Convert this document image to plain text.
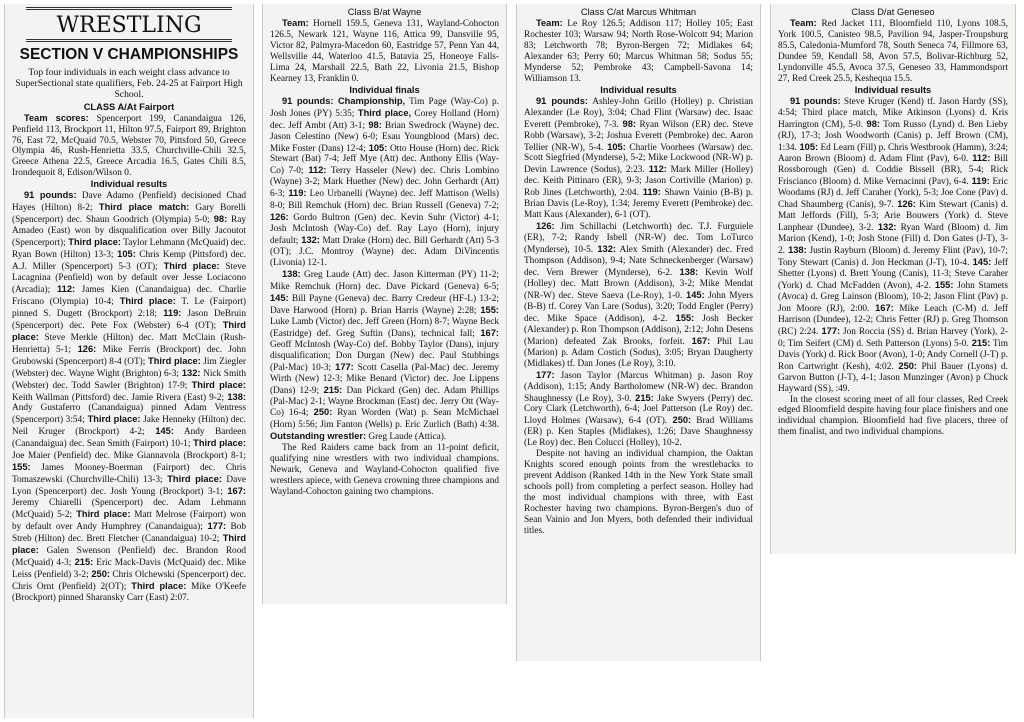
WRESTLING
SECTION V CHAMPIONSHIPS

Top four individuals in each weight class advance to SuperSectional state qualifiers, Feb. 24-25 at Fairport High School.

CLASS A/At Fairport

Team scores: Spencerport 199, Canandaigua 126, Penfield 113, Brockport 11, Hilton 97.5, Fairport 89, Brighton 76, East 72, McQuaid 70.5, Webster 70, Pittsford 50, Greece Olympia 46, Rush-Henrietta 33.5, Churchville-Chili 32.5, Greece Athena 22.5, Greece Arcadia 16.5, Gates Chili 8.5, Irondequoit 8, Edison/Wilson 0.

Individual results

91 pounds: Dave Adamo (Penfield) decisioned Chad Hayes (Hilton) 8-2; Third place match: Gary Borelli (Spencerport) dec. Shaun Goodrich (Olympia) 5-0; 98: Ray Amadeo (East) won by disqualification over Billy Jacoutot (Spencerport); Third place: Taylor Lehmann (McQuaid) dec. Ryan Bown (Hilton) 13-3; 105: Chris Kemp (Pittsford) dec. A.J. Miller (Spencerport) 5-3 (OT); Third place: Steve Lacagnina (Penfield) won by default over Jesse Lociacono (Arcadia); 112: James Kien (Canandaigua) dec. Charlie Friscano (Olympia) 10-4; Third place: T. Le (Fairport) pinned S. Dugett (Brockport) 2:18; 119: Jason DeBruin (Spencerport) dec. Pete Fox (Webster) 6-4 (OT); Third place: Steve Merkle (Hilton) dec. Matt McClain (Rush-Henrietta) 5-1; 126: Mike Ferris (Brockport) dec. John Grubowski (Spencerport) 8-4 (OT); Third place: Jim Ziegler (Webster) dec. Wayne Wight (Brighton) 6-3; 132: Nick Smith (Webster) dec. Todd Sawler (Brighton) 17-9; Third place: Keith Wallman (Pittsford) dec. Jamie Rivera (East) 9-2; 138: Andy Gustaferro (Canandaigua) pinned Adam Ventress (Spencerport) 3:54; Third place: Jake Henneky (Hilton) dec. Neil Kruger (Brockport) 4-2; 145: Andy Bardeen (Canandaigua) dec. Sean Smith (Fairport) 10-1; Third place: Joe Maier (Penfield) dec. Mike Giannavola (Brockport) 8-1; 155: James Mooney-Boerman (Fairport) dec. Chris Tomaszewski (Churchville-Chili) 13-3; Third place: Dave Lyon (Spencerport) dec. Josh Young (Brockport) 3-1; 167: Jeremy Chiarelli (Spencerport) dec. Adam Lehmann (McQuaid) 5-2; Third place: Matt Melrose (Fairport) won by default over Andy Humphrey (Canandaigua); 177: Bob Streb (Hilton) dec. Brett Fletcher (Canandaigua) 10-2; Third place: Galen Swenson (Penfield) dec. Brandon Rood (McQuaid) 4-3; 215: Eric Mack-Davis (McQuaid) dec. Mike Leiss (Penfield) 3-2; 250: Chris Olchewski (Spencerport) dec. Chris Ornt (Penfield) 2(OT); Third place: Mike O'Keefe (Brockport) pinned Sharansky Carr (East) 2:07.

Class B/at Wayne

Team: Hornell 159.5, Geneva 131, Wayland-Cohocton 126.5, Newark 121, Wayne 116, Attica 99, Dansville 95, Victor 82, Palmyra-Macedon 60, Eastridge 57, Penn Yan 44, Wellsville 44, Waterloo 41.5, Batavia 25, Honeoye Falls-Lima 24, Marshall 22.5, Bath 22, Livonia 21.5, Bishop Kearney 13, Franklin 0.

Individual finals

91 pounds: Championship, Tim Page (Way-Co) p. Josh Jones (PY) 5:35; Third place, Corey Holland (Horn) dec. Jeff Ambt (Att) 3-1; 98: Brian Swedrock (Wayne) dec. Jason Celestino (New) 6-0; Esau Youngblood (Mars) dec. Mike Foster (Dans) 12-4; 105: Otto House (Horn) dec. Rick Stewart (Bat) 7-4; Jeff Mye (Att) dec. Anthony Ellis (Way-Co) 7-0; 112: Terry Hasseler (New) dec. Chris Lombino (Wayne) 3-2; Mark Huether (New) dec. John Gerhardt (Att) 6-3; 119: Leo Urbanelli (Wayne) dec. Jeff Mattison (Wells) 8-0; Bill Remchuk (Horn) dec. Brian Russell (Geneva) 7-2; 126: Gordo Bultron (Gen) dec. Kevin Suhr (Victor) 4-1; Josh McIntosh (Way-Co) def. Ray Layo (Horn), injury default; 132: Matt Drake (Horn) dec. Bill Gerhardt (Att) 5-3 (OT); J.C. Montroy (Wayne) dec. Adam DiVincentis (Livonia) 12-1.

138: Greg Laude (Att) dec. Jason Kitterman (PY) 11-2; Mike Remchuk (Horn) dec. Dave Pickard (Geneva) 6-5; 145: Bill Payne (Geneva) dec. Barry Credeur (HF-L) 13-2; Dave Harwood (Horn) p. Brian Harris (Wayne) 2:28; 155: Luke Lamb (Victor) dec. Jeff Green (Horn) 8-7; Wayne Beck (Eastridge) def. Greg Suftin (Dans), technical fall; 167: Geoff McIntosh (Way-Co) def. Bobby Taylor (Dans), injury disqualification; Don Durgan (New) dec. Paul Stubbings (Pal-Mac) 10-3; 177: Scott Casella (Pal-Mac) dec. Jeremy Wirth (New) 12-3; Mike Benard (Victor) dec. Joe Lippens (Dans) 12-9; 215: Dan Pickard (Gen) dec. Adam Phillips (Pal-Mac) 2-1; Wayne Brockman (East) dec. Jerry Ott (Way-Co) 16-4; 250: Ryan Worden (Wat) p. Sean McMichael (Horn) 5:56; Jim Fanton (Wells) p. Eric Zurlich (Bath) 4:38. Outstanding wrestler: Greg Laude (Attica).

The Red Raiders came back from an 11-point deficit, qualifying nine wrestlers with two individual champions. Newark, Geneva and Wayland-Cohocton qualified five wrestlers apiece, with Geneva crowning three champions and Wayland-Cohocton gaining two champions.

Class C/at Marcus Whitman

Team: Le Roy 126.5; Addison 117; Holley 105; East Rochester 103; Warsaw 94; North Rose-Wolcott 94; Marion 83; Letchworth 78; Byron-Bergen 72; Midlakes 64; Alexander 63; Perry 60; Marcus Whitman 58; Sodus 55; Mynderse 52; Pembroke 43; Campbell-Savona 14; Williamson 13.

Individual results

91 pounds: Ashley-John Grillo (Holley) p. Christian Alexander (Le Roy), 3:04; Chad Flint (Warsaw) dec. Isaac Everett (Pembroke), 7-3. 98: Ryan Wilson (ER) dec. Steve Robb (Warsaw), 3-2; Joshua Everett (Pembroke) dec. Aaron Tellier (NR-W), 5-4. 105: Charlie Voorhees (Warsaw) dec. Scott Siegfried (Mynderse), 5-2; Mike Lockwood (NR-W) p. Devin Lawrence (Sodus), 2:23. 112: Mark Miller (Holley) dec. Keith Pittinaro (ER), 9-3; Jason Cortiville (Marion) p. Rob Jines (Letchworth), 2:04. 119: Shawn Vainio (B-B) p. Brian Davis (Le-Roy), 1:34; Jeremy Everett (Pembroke) dec. Matt Kaus (Alexander), 6-1 (OT).

126: Jim Schillachi (Letchworth) dec. T.J. Furguiele (ER), 7-2; Randy Isbell (NR-W) dec. Tom LoTurco (Mynderse), 10-5. 132: Alex Smith (Alexander) dec. Fred Thompson (Addison), 9-4; Nate Schneckenberger (Warsaw) dec. Vern Brewer (Mynderse), 6-2. 138: Kevin Wolf (Holley) dec. Matt Brown (Addison), 3-2; Mike Mendat (NR-W) dec. Steve Saeva (Le-Roy), 1-0. 145: John Myers (B-B) tf. Corey Van Lare (Sodus), 3:20; Todd Engler (Perry) dec. Mike Space (Addison), 4-2. 155: Josh Becker (Alexander) p. Ron Thompson (Addison), 2:12; John Desens (Marion) defeated Zak Brooks, forfeit. 167: Phil Lau (Marion) p. Adam Costich (Sodus), 3:05; Bryan Daugherty (Midlakes) tf. Dan Jones (Le Roy), 3:10.

177: Jason Taylor (Marcus Whitman) p. Jason Roy (Addison), 1:15; Andy Bartholomew (NR-W) dec. Brandon Shaughnessy (Le Roy), 3-0. 215: Jake Swyers (Perry) dec. Cory Clark (Letchworth), 6-4; Joel Patterson (Le Roy) dec. Lloyd Holmes (Warsaw), 6-4 (OT). 250: Brad Williams (ER) p. Ken Staples (Midlakes), 1:26; Dave Shaughnessy (Le Roy) dec. Ben Colucci (Holley), 10-2.

Despite not having an individual champion, the Oaktan Knights scored enough points from the wrestlebacks to prevent Addison (Ranked 14th in the New York State small schools poll) from completing a perfect season. Holley had the most individual champions with three, with East Rochester having two champions. Byron-Bergen's duo of Sean Vainio and Jon Myers, both defended their individual titles.

Class D/at Geneseo

Team: Red Jacket 111, Bloomfield 110, Lyons 108.5, York 100.5, Canisteo 98.5, Pavilion 94, Jasper-Troupsburg 85.5, Caledonia-Mumford 78, South Seneca 74, Fillmore 63, Dundee 59, Kendall 58, Avon 57.5, Bolivar-Richburg 52, Lyndonville 45.5, Avoca 37.5, Geneseo 33, Hammondsport 27, Red Creek 25.5, Keshequa 15.5.

Individual results

91 pounds: Steve Kruger (Kend) tf. Jason Hardy (SS), 4:54; Third place match, Mike Atkinson (Lyons) d. Kris Harrington (CM), 5-0. 98: Tom Russo (Lynd) d. Ben Lieby (RJ), 17-3; Josh Woodworth (Canis) p. Jeff Brown (CM), 1:34. 105: Ed Learn (Fill) p. Chris Westbrook (Hamm), 3:24; Aaron Brown (Bloom) d. Adam Flint (Pav), 6-0. 112: Bill Rossborough (Gen) d. Coddie Bissell (BR), 5-4; Rick Friscianco (Bloom) d. Mike Vernacinni (Pav), 6-4. 119: Eric Woodams (RJ) d. Jeff Caraher (York), 5-3; Joe Cone (Pav) d. Chad Shaumberg (Canis), 9-7. 126: Kim Stewart (Canis) d. Matt Jeffords (Fill), 5-3; Arie Bouwers (York) d. Steve Lanphear (Dundee), 3-2. 132: Ryan Ward (Bloom) d. Jim Marion (Kend), 1-0; Josh Stone (Fill) d. Don Gates (J-T), 3-2. 138: Justin Rayburn (Bloom) d. Jeremy Flint (Pav), 10-7; Tony Stewart (Canis) d. Jon Heckman (J-T), 10-4. 145: Jeff Shetter (Lyons) d. Brett Young (Canis), 11-3; Steve Caraher (York) d. Chad McFadden (Avon), 4-2. 155: John Stamets (Avoca) d. Greg Lainson (Bloom), 10-2; Jason Flint (Pav) p. Jon Moore (RJ), 2:00. 167: Mike Leach (C-M) d. Jeff Harrison (Dundee), 12-2; Chris Fetter (RJ) p. Greg Thomson (RC) 2:24. 177: Jon Roccia (SS) d. Brian Harvey (York), 2-0; Tim Seifert (CM) d. Seth Patterson (Lyons) 5-0. 215: Tim Davis (York) d. Rick Boor (Avon), 1-0; Andy Cornell (J-T) p. Ron Cartwright (Kesh), 4:02. 250: Phil Bauer (Lyons) d. Garvon Button (J-T), 4-1; Jason Munzinger (Avon) p Chuck Hayward (SS), :49.

In the closest scoring meet of all four classes, Red Creek edged Bloomfield despite having four place finishers and one individual champion. Bloomfield had five placers, three of them finalist, and two individual champions.
